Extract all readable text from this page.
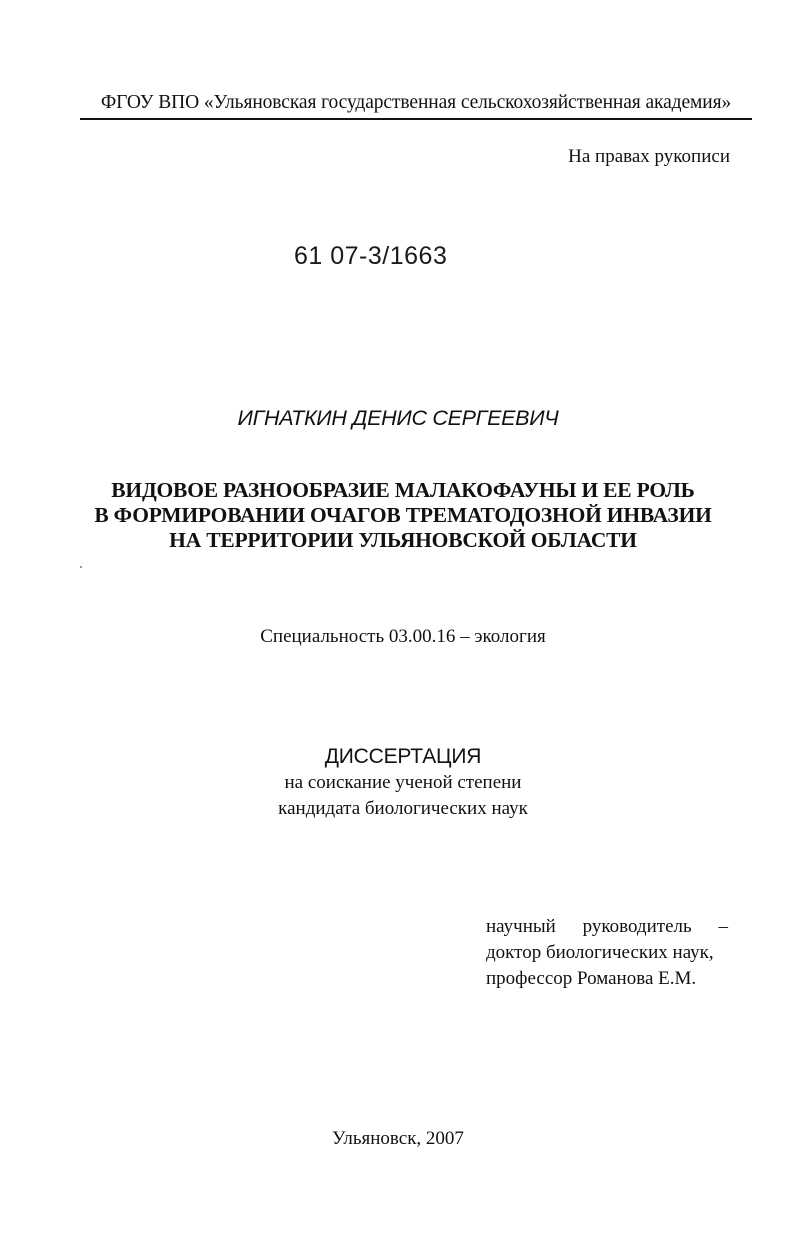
ФГОУ ВПО «Ульяновская государственная сельскохозяйственная академия»
На правах рукописи
61 07-3/1663
ИГНАТКИН ДЕНИС СЕРГЕЕВИЧ
ВИДОВОЕ РАЗНООБРАЗИЕ МАЛАКОФАУНЫ И ЕЕ РОЛЬ
В ФОРМИРОВАНИИ ОЧАГОВ ТРЕМАТОДОЗНОЙ ИНВАЗИИ
НА ТЕРРИТОРИИ УЛЬЯНОВСКОЙ ОБЛАСТИ
Специальность 03.00.16 – экология
ДИССЕРТАЦИЯ
на соискание ученой степени
кандидата биологических наук
научный руководитель –
доктор биологических наук,
профессор Романова Е.М.
Ульяновск, 2007
